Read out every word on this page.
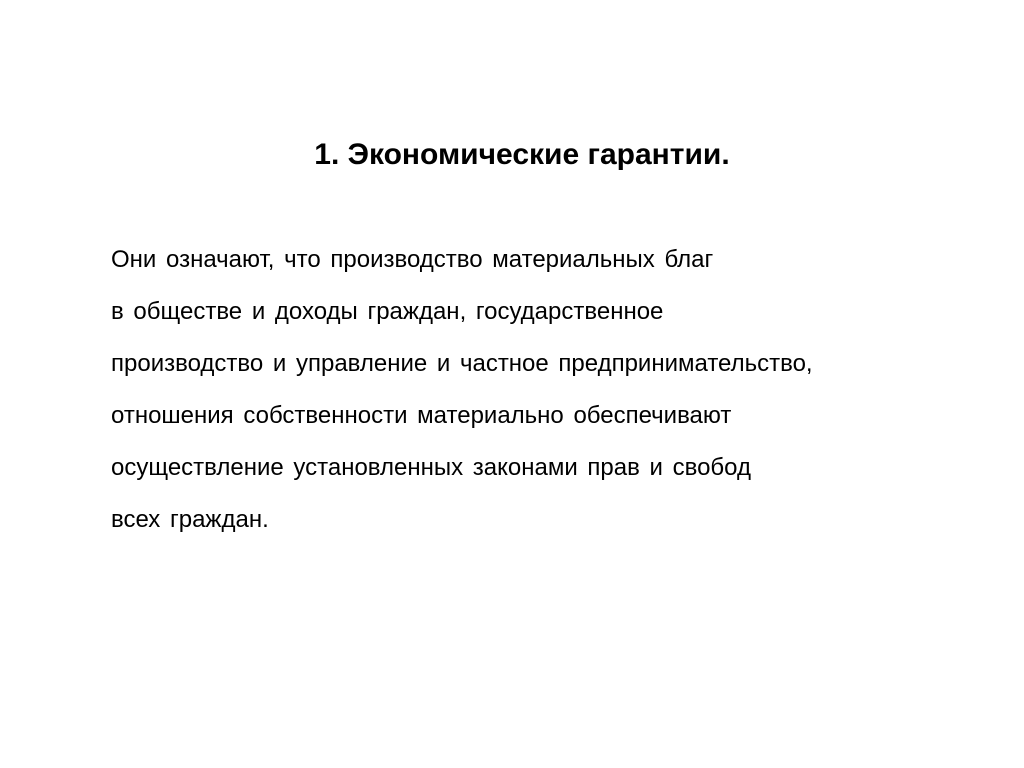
1. Экономические гарантии.
Они означают, что производство материальных благ
в обществе и доходы граждан, государственное
производство и управление и частное предпринимательство,
отношения собственности материально обеспечивают
осуществление установленных законами прав и свобод
всех граждан.
